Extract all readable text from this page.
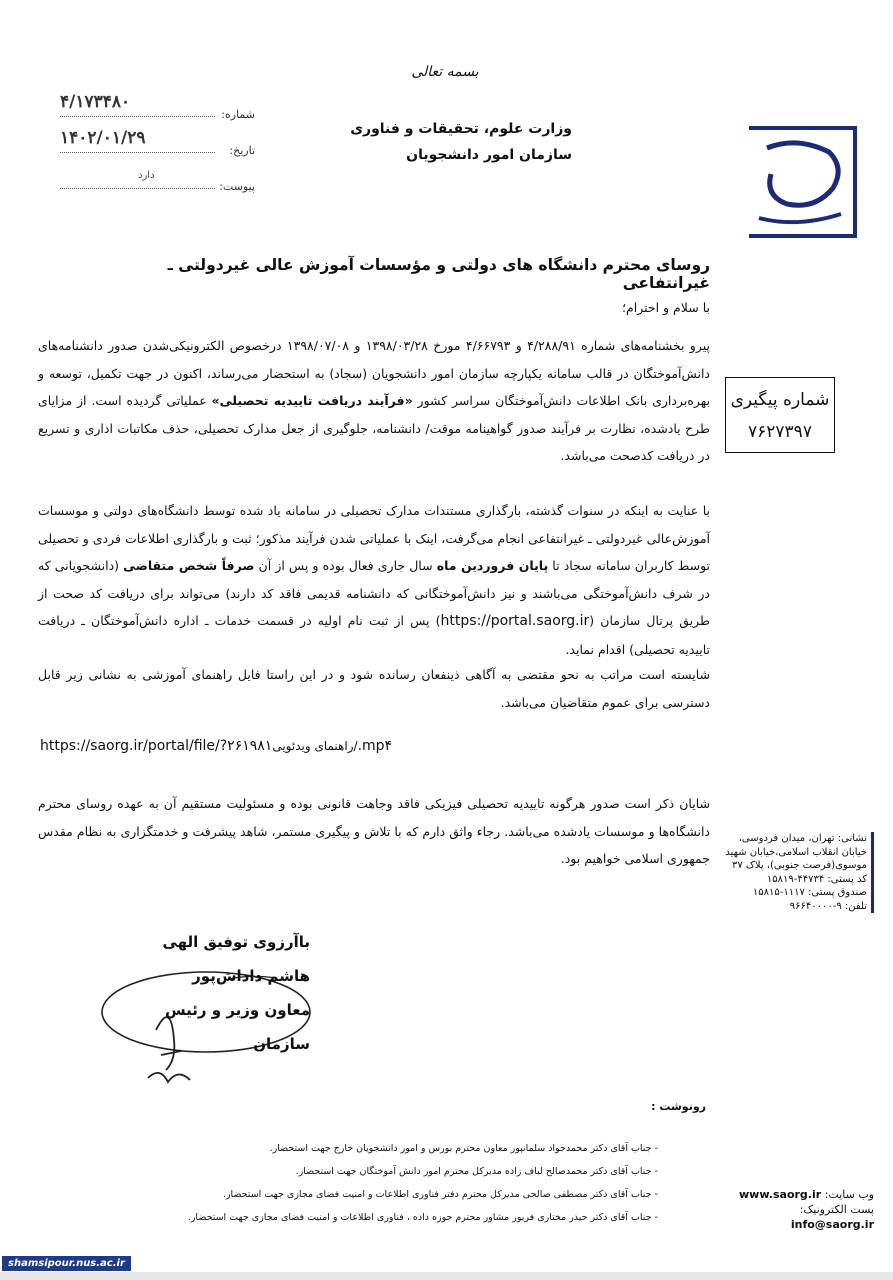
بسمه تعالی
وزارت علوم، تحقیقات و فناوری
سازمان امور دانشجویان
شماره:
۴/۱۷۳۴۸۰
تاریخ:
۱۴۰۲/۰۱/۲۹
پیوست:
دارد
شماره پیگیری
۷۶۲۷۳۹۷
روسای محترم دانشگاه های دولتی و مؤسسات آموزش عالی غیردولتی ـ غیرانتفاعی
با سلام و احترام؛
پیرو بخشنامه‌های شماره ۴/۲۸۸/۹۱ و ۴/۶۶۷۹۳ مورخ ۱۳۹۸/۰۳/۲۸ و ۱۳۹۸/۰۷/۰۸ درخصوص الکترونیکی‌شدن صدور دانشنامه‌های دانش‌آموختگان در قالب سامانه یکپارچه سازمان امور دانشجویان (سجاد) به استحضار می‌رساند، اکنون در جهت تکمیل، توسعه و بهره‌برداری بانک اطلاعات دانش‌آموختگان سراسر کشور «فرآیند دریافت تاییدیه تحصیلی» عملیاتی گردیده است. از مزایای طرح یادشده، نظارت بر فرآیند صدور گواهینامه موقت/ دانشنامه، جلوگیری از جعل مدارک تحصیلی، حذف مکاتبات اداری و تسریع در دریافت کدصحت می‌باشد.
با عنایت به اینکه در سنوات گذشته، بارگذاری مستندات مدارک تحصیلی در سامانه یاد شده توسط دانشگاه‌های دولتی و موسسات آموزش‌عالی غیردولتی ـ غیرانتفاعی انجام می‌گرفت، اینک با عملیاتی شدن فرآیند مذکور؛ ثبت و بارگذاری اطلاعات فردی و تحصیلی توسط کاربران سامانه سجاد تا پایان فروردین ماه سال جاری فعال بوده و پس از آن صرفاً شخص متقاضی (دانشجویانی که در شرف دانش‌آموختگی می‌باشند و نیز دانش‌آموختگانی که دانشنامه قدیمی فاقد کد دارند) می‌تواند برای دریافت کد صحت از طریق پرتال سازمان (https://portal.saorg.ir) پس از ثبت نام اولیه در قسمت خدمات ـ اداره دانش‌آموختگان ـ دریافت تاییدیه تحصیلی) اقدام نماید.
شایسته است مراتب به نحو مقتضی به آگاهی ذینفعان رسانده شود و در این راستا فایل راهنمای آموزشی به نشانی زیر قابل دسترسی برای عموم متقاضیان می‌باشد.
https://saorg.ir/portal/file/?۲۶۱۹۸۱/راهنمای ویدئویی.mp۴
شایان ذکر است صدور هرگونه تاییدیه تحصیلی فیزیکی فاقد وجاهت قانونی بوده و مسئولیت مستقیم آن به عهده روسای محترم دانشگاه‌ها و موسسات یادشده می‌باشد. رجاء واثق دارم که با تلاش و پیگیری مستمر، شاهد پیشرفت و خدمتگزاری به نظام مقدس جمهوری اسلامی خواهیم بود.
باآرزوی توفیق الهی
هاشم داداش‌پور
معاون وزیر و رئیس سازمان
نشانی: تهران، میدان فردوسی،
خیابان انقلاب اسلامی،خیابان شهید
موسوی(فرصت جنوبی)، پلاک ۳۷
کد پستی: ۴۴۷۳۴-۱۵۸۱۹
صندوق پستی: ۱۱۱۷-۱۵۸۱۵
تلفن: ۹-۹۶۶۴۰۰۰۰
وب سایت: www.saorg.ir
پست الکترونیک: info@saorg.ir
رونوشت :
- جناب آقای دکتر محمدجواد سلمانپور معاون محترم بورس و امور دانشجویان خارج جهت استحضار.
- جناب آقای دکتر محمدصالح لباف زاده مدیرکل محترم امور دانش آموختگان جهت استحضار.
- جناب آقای دکتر مصطفی صالحی مدیرکل محترم دفتر فناوری اطلاعات و امنیت فضای مجازی جهت استحضار.
- جناب آقای دکتر حیدر مختاری فریور مشاور محترم حوزه داده ، فناوری اطلاعات و امنیت فضای مجازی جهت استحضار.
shamsipour.nus.ac.ir
